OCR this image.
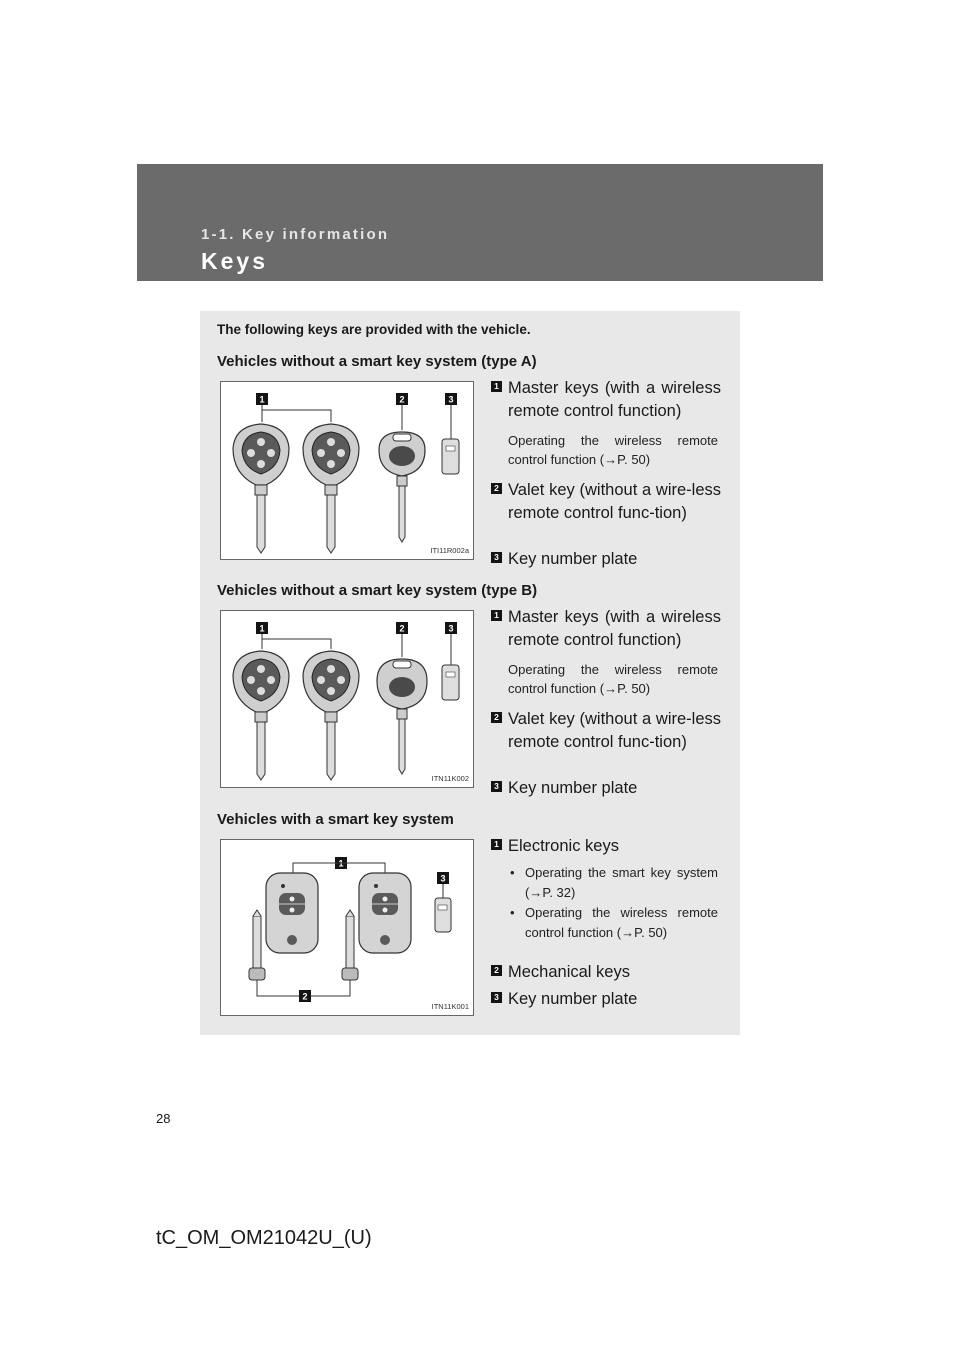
1-1. Key information
Keys
The following keys are provided with the vehicle.
Vehicles without a smart key system (type A)
1	2	3
ITI11R002a
1 Master keys (with a wireless remote control function)
Operating the wireless remote control function (→P. 50)
2 Valet key (without a wire-less remote control func-tion)
3 Key number plate
Vehicles without a smart key system (type B)
1	2	3
ITN11K002
1 Master keys (with a wireless remote control function)
Operating the wireless remote control function (→P. 50)
2 Valet key (without a wire-less remote control func-tion)
3 Key number plate
Vehicles with a smart key system
1
2
3
ITN11K001
1 Electronic keys
• Operating the smart key system (→P. 32)
• Operating the wireless remote control function (→P. 50)
2 Mechanical keys
3 Key number plate
28
tC_OM_OM21042U_(U)
